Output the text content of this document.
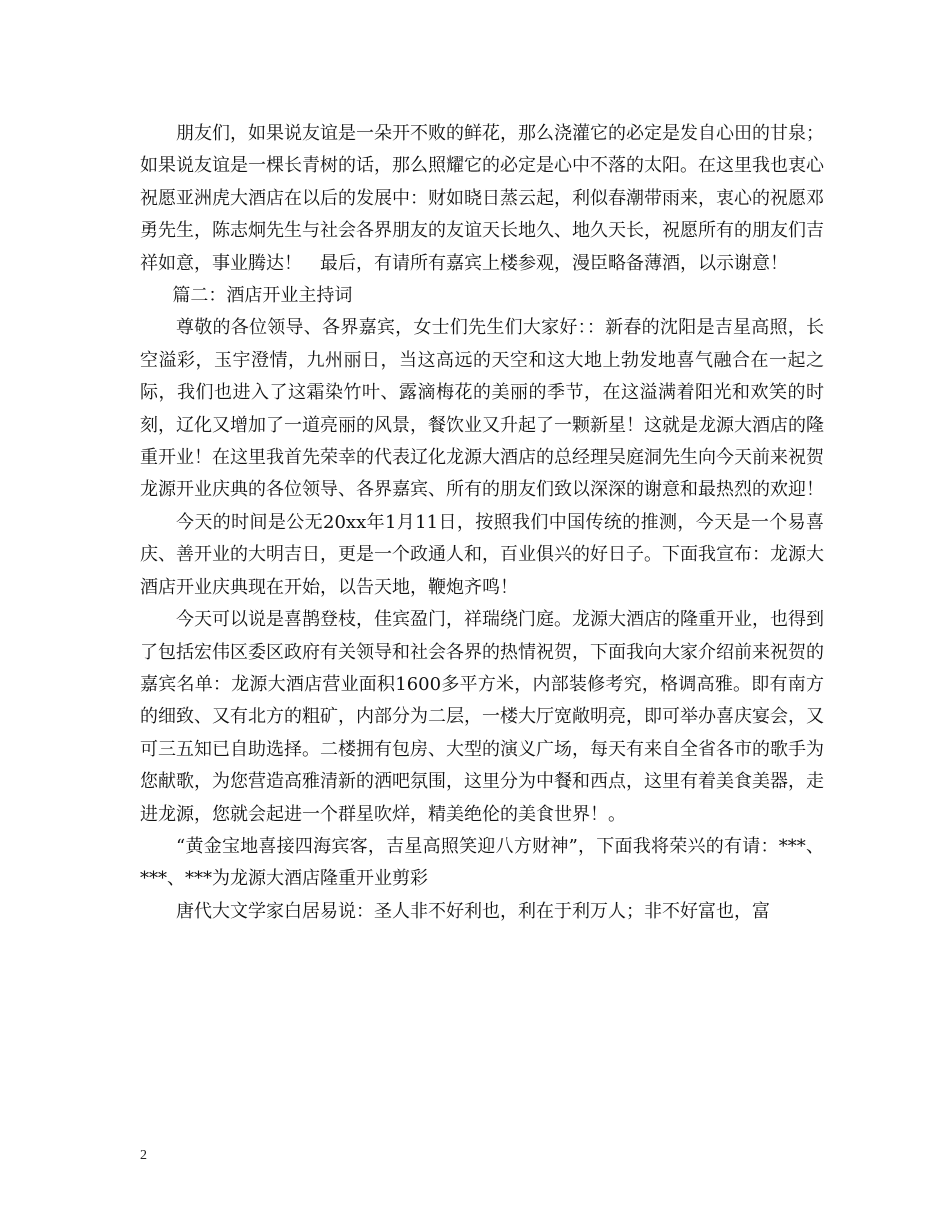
朋友们，如果说友谊是一朵开不败的鲜花，那么浇灌它的必定是发自心田的甘泉；如果说友谊是一棵长青树的话，那么照耀它的必定是心中不落的太阳。在这里我也衷心祝愿亚洲虎大酒店在以后的发展中：财如晓日蒸云起，利似春潮带雨来，衷心的祝愿邓勇先生，陈志炯先生与社会各界朋友的友谊天长地久、地久天长，祝愿所有的朋友们吉祥如意，事业腾达！　最后，有请所有嘉宾上楼参观，漫臣略备薄酒，以示谢意！

篇二：酒店开业主持词

尊敬的各位领导、各界嘉宾，女士们先生们大家好：：新春的沈阳是吉星高照，长空溢彩，玉宇澄情，九州丽日，当这高远的天空和这大地上勃发地喜气融合在一起之际，我们也进入了这霜染竹叶、露滴梅花的美丽的季节，在这溢满着阳光和欢笑的时刻，辽化又增加了一道亮丽的风景，餐饮业又升起了一颗新星！这就是龙源大酒店的隆重开业！在这里我首先荣幸的代表辽化龙源大酒店的总经理吴庭洞先生向今天前来祝贺龙源开业庆典的各位领导、各界嘉宾、所有的朋友们致以深深的谢意和最热烈的欢迎！

今天的时间是公无20xx年1月11日，按照我们中国传统的推测，今天是一个易喜庆、善开业的大明吉日，更是一个政通人和，百业俱兴的好日子。下面我宣布：龙源大酒店开业庆典现在开始，以告天地，鞭炮齐鸣！

今天可以说是喜鹊登枝，佳宾盈门，祥瑞绕门庭。龙源大酒店的隆重开业，也得到了包括宏伟区委区政府有关领导和社会各界的热情祝贺，下面我向大家介绍前来祝贺的嘉宾名单：龙源大酒店营业面积1600多平方米，内部装修考究，格调高雅。即有南方的细致、又有北方的粗矿，内部分为二层，一楼大厅宽敞明亮，即可举办喜庆宴会，又可三五知已自助选择。二楼拥有包房、大型的演义广场，每天有来自全省各市的歌手为您献歌，为您营造高雅清新的洒吧氛围，这里分为中餐和西点，这里有着美食美器，走进龙源，您就会起进一个群星吹烊，精美绝伦的美食世界！。

“黄金宝地喜接四海宾客，吉星高照笑迎八方财神”，下面我将荣兴的有请：***、***、***为龙源大酒店隆重开业剪彩

唐代大文学家白居易说：圣人非不好利也，利在于利万人；非不好富也，富

2
